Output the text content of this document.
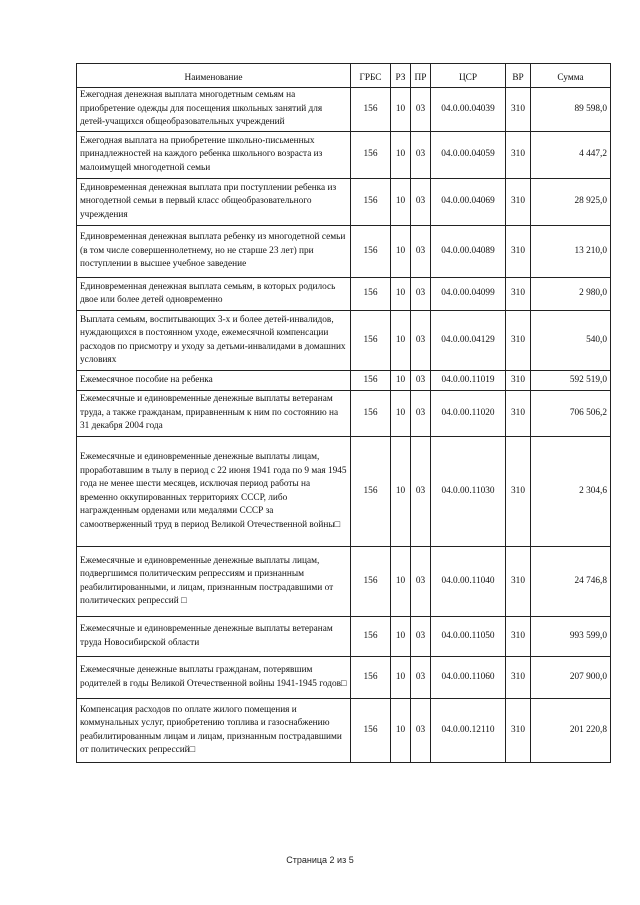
Наименование	ГРБС	РЗ	ПР	ЦСР	ВР	Сумма
Ежегодная денежная выплата многодетным семьям на приобретение одежды для посещения школьных занятий для детей-учащихся общеобразовательных учреждений	156	10	03	04.0.00.04039	310	89 598,0
Ежегодная выплата на приобретение школьно-письменных принадлежностей на каждого ребенка школьного возраста из малоимущей многодетной семьи	156	10	03	04.0.00.04059	310	4 447,2
Единовременная денежная выплата при поступлении ребенка из многодетной семьи в первый класс общеобразовательного учреждения	156	10	03	04.0.00.04069	310	28 925,0
Единовременная денежная выплата ребенку из многодетной семьи (в том числе совершеннолетнему, но не старше 23 лет) при поступлении в высшее учебное заведение	156	10	03	04.0.00.04089	310	13 210,0
Единовременная денежная выплата семьям, в которых родилось двое или более детей одновременно	156	10	03	04.0.00.04099	310	2 980,0
Выплата семьям, воспитывающих 3-х и более детей-инвалидов, нуждающихся в постоянном уходе, ежемесячной компенсации расходов по присмотру и уходу за детьми-инвалидами в домашних условиях	156	10	03	04.0.00.04129	310	540,0
Ежемесячное пособие на ребенка	156	10	03	04.0.00.11019	310	592 519,0
Ежемесячные и единовременные денежные выплаты ветеранам труда, а также гражданам, приравненным к ним по состоянию на 31 декабря 2004 года	156	10	03	04.0.00.11020	310	706 506,2
Ежемесячные и единовременные денежные выплаты лицам, проработавшим в тылу в период с 22 июня 1941 года по 9 мая 1945 года не менее шести месяцев, исключая период работы на временно оккупированных территориях СССР, либо награжденным орденами или медалями СССР за самоотверженный труд в период Великой Отечественной войны□	156	10	03	04.0.00.11030	310	2 304,6
Ежемесячные и единовременные денежные выплаты лицам, подвергшимся политическим репрессиям и признанным реабилитированными, и лицам, признанным пострадавшими от политических репрессий □	156	10	03	04.0.00.11040	310	24 746,8
Ежемесячные и единовременные денежные выплаты ветеранам труда Новосибирской области	156	10	03	04.0.00.11050	310	993 599,0
Ежемесячные денежные выплаты гражданам, потерявшим родителей в годы Великой Отечественной войны 1941-1945 годов□	156	10	03	04.0.00.11060	310	207 900,0
Компенсация расходов по оплате жилого помещения и коммунальных услуг, приобретению топлива и газоснабжению реабилитированным лицам и лицам, признанным пострадавшими от политических репрессий□	156	10	03	04.0.00.12110	310	201 220,8
Страница 2 из 5
